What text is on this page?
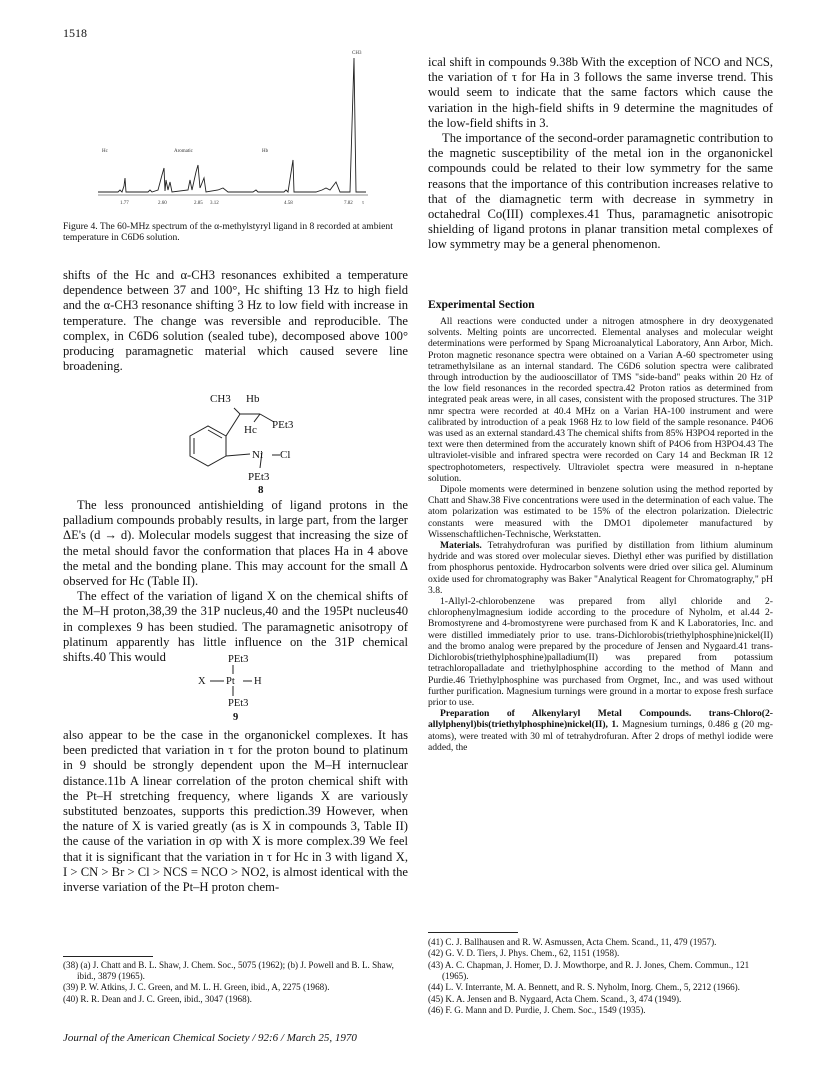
1518
Hc	Aromatic	Hb
CH3
1.77	2.60	2.85 3.12	4.58	7.82 τ
Figure 4. The 60-MHz spectrum of the α-methylstyryl ligand in 8 recorded at ambient temperature in C6D6 solution.

shifts of the Hc and α-CH3 resonances exhibited a temperature dependence between 37 and 100°, Hc shifting 13 Hz to high field and the α-CH3 resonance shifting 3 Hz to low field with increase in temperature. The change was reversible and reproducible. The complex, in C6D6 solution (sealed tube), decomposed above 100° producing paramagnetic material which caused severe line broadening.

CH3 Hb
Hc PEt3
Ni Cl
PEt3
8

The less pronounced antishielding of ligand protons in the palladium compounds probably results, in large part, from the larger ΔE's (d → d). Molecular models suggest that increasing the size of the metal should favor the conformation that places Ha in 4 above the metal and the bonding plane. This may account for the small Δ observed for Hc (Table II).

The effect of the variation of ligand X on the chemical shifts of the M–H proton,38,39 the 31P nucleus,40 and the 195Pt nucleus40 in complexes 9 has been studied. The paramagnetic anisotropy of platinum apparently has little influence on the 31P chemical shifts.40 This would	PEt3
X Pt H
PEt3
9

also appear to be the case in the organonickel complexes. It has been predicted that variation in τ for the proton bound to platinum in 9 should be strongly dependent upon the M–H internuclear distance.11b A linear correlation of the proton chemical shift with the Pt–H stretching frequency, where ligands X are variously substituted benzoates, supports this prediction.39 However, when the nature of X is varied greatly (as is X in compounds 3, Table II) the cause of the variation in σp with X is more complex.39 We feel that it is significant that the variation in τ for Hc in 3 with ligand X, I > CN > Br > Cl > NCS = NCO > NO2, is almost identical with the inverse variation of the Pt–H proton chem-

(38) (a) J. Chatt and B. L. Shaw, J. Chem. Soc., 5075 (1962); (b) J. Powell and B. L. Shaw, ibid., 3879 (1965).

(39) P. W. Atkins, J. C. Green, and M. L. H. Green, ibid., A, 2275 (1968).

(40) R. R. Dean and J. C. Green, ibid., 3047 (1968).

ical shift in compounds 9.38b With the exception of NCO and NCS, the variation of τ for Ha in 3 follows the same inverse trend. This would seem to indicate that the same factors which cause the variation in the high-field shifts in 9 determine the magnitudes of the low-field shifts in 3.

The importance of the second-order paramagnetic contribution to the magnetic susceptibility of the metal ion in the organonickel compounds could be related to their low symmetry for the same reasons that the importance of this contribution increases relative to that of the diamagnetic term with decrease in symmetry in octahedral Co(III) complexes.41 Thus, paramagnetic anisotropic shielding of ligand protons in planar transition metal complexes of low symmetry may be a general phenomenon.

Experimental Section

All reactions were conducted under a nitrogen atmosphere in dry deoxygenated solvents. Melting points are uncorrected. Elemental analyses and molecular weight determinations were performed by Spang Microanalytical Laboratory, Ann Arbor, Mich. Proton magnetic resonance spectra were obtained on a Varian A-60 spectrometer using tetramethylsilane as an internal standard. The C6D6 solution spectra were calibrated through introduction by the audiooscillator of TMS "side-band" peaks within 20 Hz of the low field resonances in the recorded spectra.42 Proton ratios as determined from integrated peak areas were, in all cases, consistent with the proposed structures. The 31P nmr spectra were recorded at 40.4 MHz on a Varian HA-100 instrument and were calibrated by introduction of a peak 1968 Hz to low field of the sample resonance. P4O6 was used as an external standard.43 The chemical shifts from 85% H3PO4 reported in the text were then determined from the accurately known shift of P4O6 from H3PO4.43 The ultraviolet-visible and infrared spectra were recorded on Cary 14 and Beckman IR 12 spectrophotometers, respectively. Ultraviolet spectra were measured in n-heptane solution.

Dipole moments were determined in benzene solution using the method reported by Chatt and Shaw.38 Five concentrations were used in the determination of each value. The atom polarization was estimated to be 15% of the electron polarization. Dielectric constants were measured with the DMO1 dipolemeter manufactured by Wissenschaftlichen-Technische, Werkstatten.

Materials. Tetrahydrofuran was purified by distillation from lithium aluminum hydride and was stored over molecular sieves. Diethyl ether was purified by distillation from phosphorus pentoxide. Hydrocarbon solvents were dried over silica gel. Aluminum oxide used for chromatography was Baker "Analytical Reagent for Chromatography," pH 3.8.

1-Allyl-2-chlorobenzene was prepared from allyl chloride and 2-chlorophenylmagnesium iodide according to the procedure of Nyholm, et al.44 2-Bromostyrene and 4-bromostyrene were purchased from K and K Laboratories, Inc. and were distilled immediately prior to use. trans-Dichlorobis(triethylphosphine)nickel(II) and the bromo analog were prepared by the procedure of Jensen and Nygaard.41 trans-Dichlorobis(triethylphosphine)palladium(II) was prepared from potassium tetrachloropalladate and triethylphosphine according to the method of Mann and Purdie.46 Triethylphosphine was purchased from Orgmet, Inc., and was used without further purification. Magnesium turnings were ground in a mortar to expose fresh surface prior to use.

Preparation of Alkenylaryl Metal Compounds. trans-Chloro(2-allylphenyl)bis(triethylphosphine)nickel(II), 1. Magnesium turnings, 0.486 g (20 mg-atoms), were treated with 30 ml of tetrahydrofuran. After 2 drops of methyl iodide were added, the

(41) C. J. Ballhausen and R. W. Asmussen, Acta Chem. Scand., 11, 479 (1957).

(42) G. V. D. Tiers, J. Phys. Chem., 62, 1151 (1958).

(43) A. C. Chapman, J. Homer, D. J. Mowthorpe, and R. J. Jones, Chem. Commun., 121 (1965).

(44) L. V. Interrante, M. A. Bennett, and R. S. Nyholm, Inorg. Chem., 5, 2212 (1966).

(45) K. A. Jensen and B. Nygaard, Acta Chem. Scand., 3, 474 (1949).

(46) F. G. Mann and D. Purdie, J. Chem. Soc., 1549 (1935).

Journal of the American Chemical Society / 92:6 / March 25, 1970
